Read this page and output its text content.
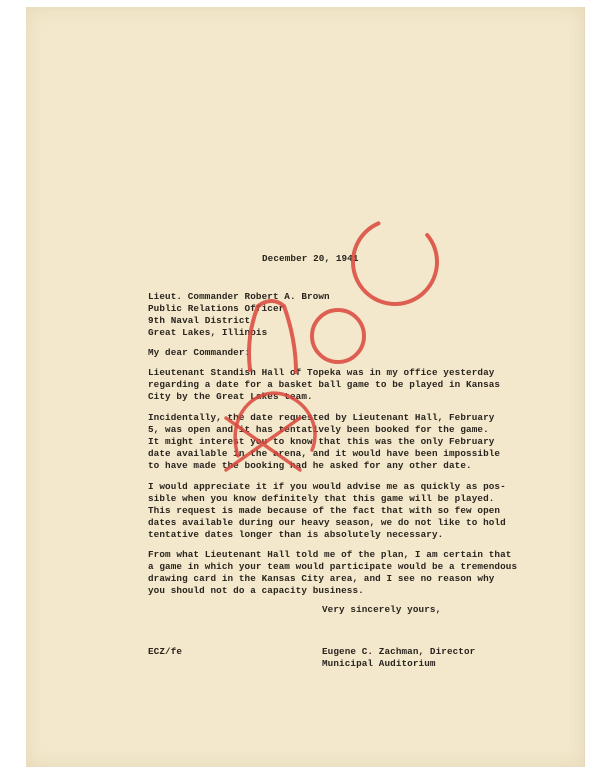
December 20, 1941
Lieut. Commander Robert A. Brown
Public Relations Officer
9th Naval District
Great Lakes, Illinois
My dear Commander:
Lieutenant Standish Hall of Topeka was in my office yesterday
regarding a date for a basket ball game to be played in Kansas
City by the Great Lakes team.
Incidentally, the date requested by Lieutenant Hall, February
5, was open and it has tentatively been booked for the game.
It might interest you to know that this was the only February
date available in the arena, and it would have been impossible
to have made the booking had he asked for any other date.
I would appreciate it if you would advise me as quickly as pos-
sible when you know definitely that this game will be played.
This request is made because of the fact that with so few open
dates available during our heavy season, we do not like to hold
tentative dates longer than is absolutely necessary.
From what Lieutenant Hall told me of the plan, I am certain that
a game in which your team would participate would be a tremendous
drawing card in the Kansas City area, and I see no reason why
you should not do a capacity business.
Very sincerely yours,
ECZ/fe	Eugene C. Zachman, Director
Municipal Auditorium
